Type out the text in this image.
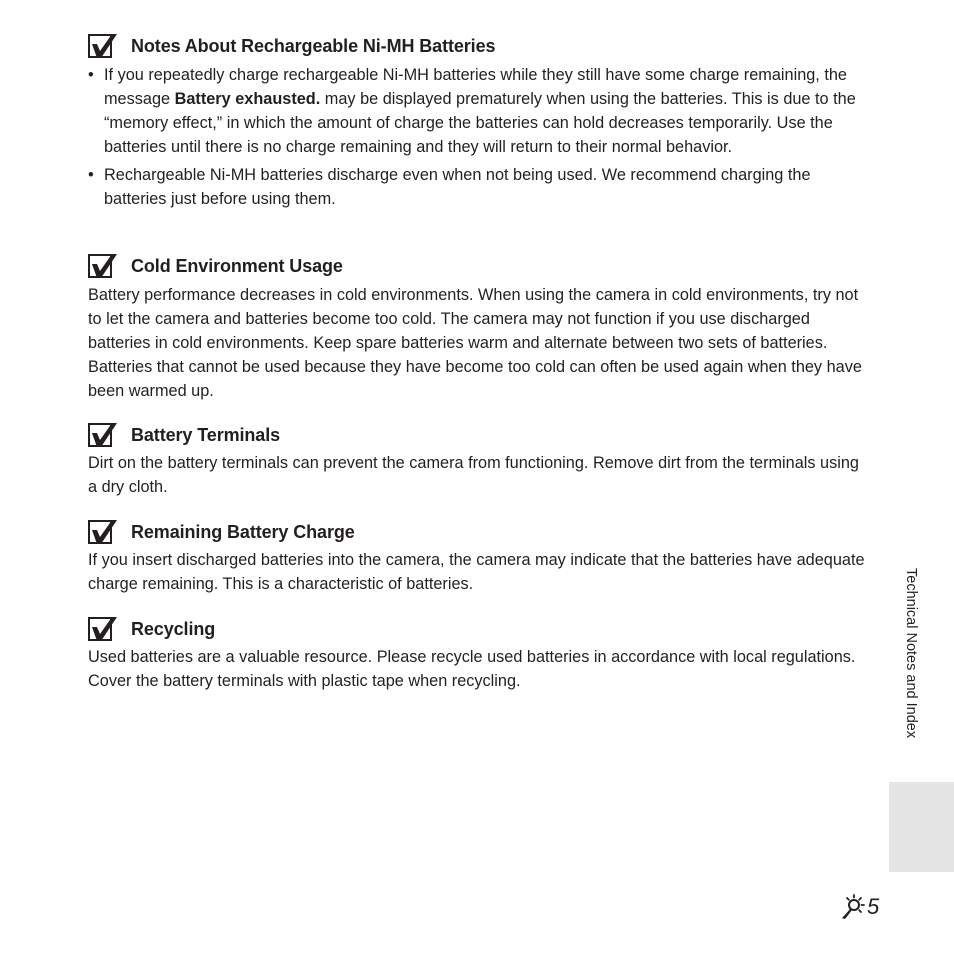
Notes About Rechargeable Ni-MH Batteries
• If you repeatedly charge rechargeable Ni-MH batteries while they still have some charge remaining, the message Battery exhausted. may be displayed prematurely when using the batteries. This is due to the “memory effect,” in which the amount of charge the batteries can hold decreases temporarily. Use the batteries until there is no charge remaining and they will return to their normal behavior.
• Rechargeable Ni-MH batteries discharge even when not being used. We recommend charging the batteries just before using them.
Cold Environment Usage

Battery performance decreases in cold environments. When using the camera in cold environments, try not to let the camera and batteries become too cold. The camera may not function if you use discharged batteries in cold environments. Keep spare batteries warm and alternate between two sets of batteries. Batteries that cannot be used because they have become too cold can often be used again when they have been warmed up.

Battery Terminals

Dirt on the battery terminals can prevent the camera from functioning. Remove dirt from the terminals using a dry cloth.

Remaining Battery Charge

If you insert discharged batteries into the camera, the camera may indicate that the batteries have adequate charge remaining. This is a characteristic of batteries.

Recycling

Used batteries are a valuable resource. Please recycle used batteries in accordance with local regulations. Cover the battery terminals with plastic tape when recycling.	Technical Notes and Index
5
